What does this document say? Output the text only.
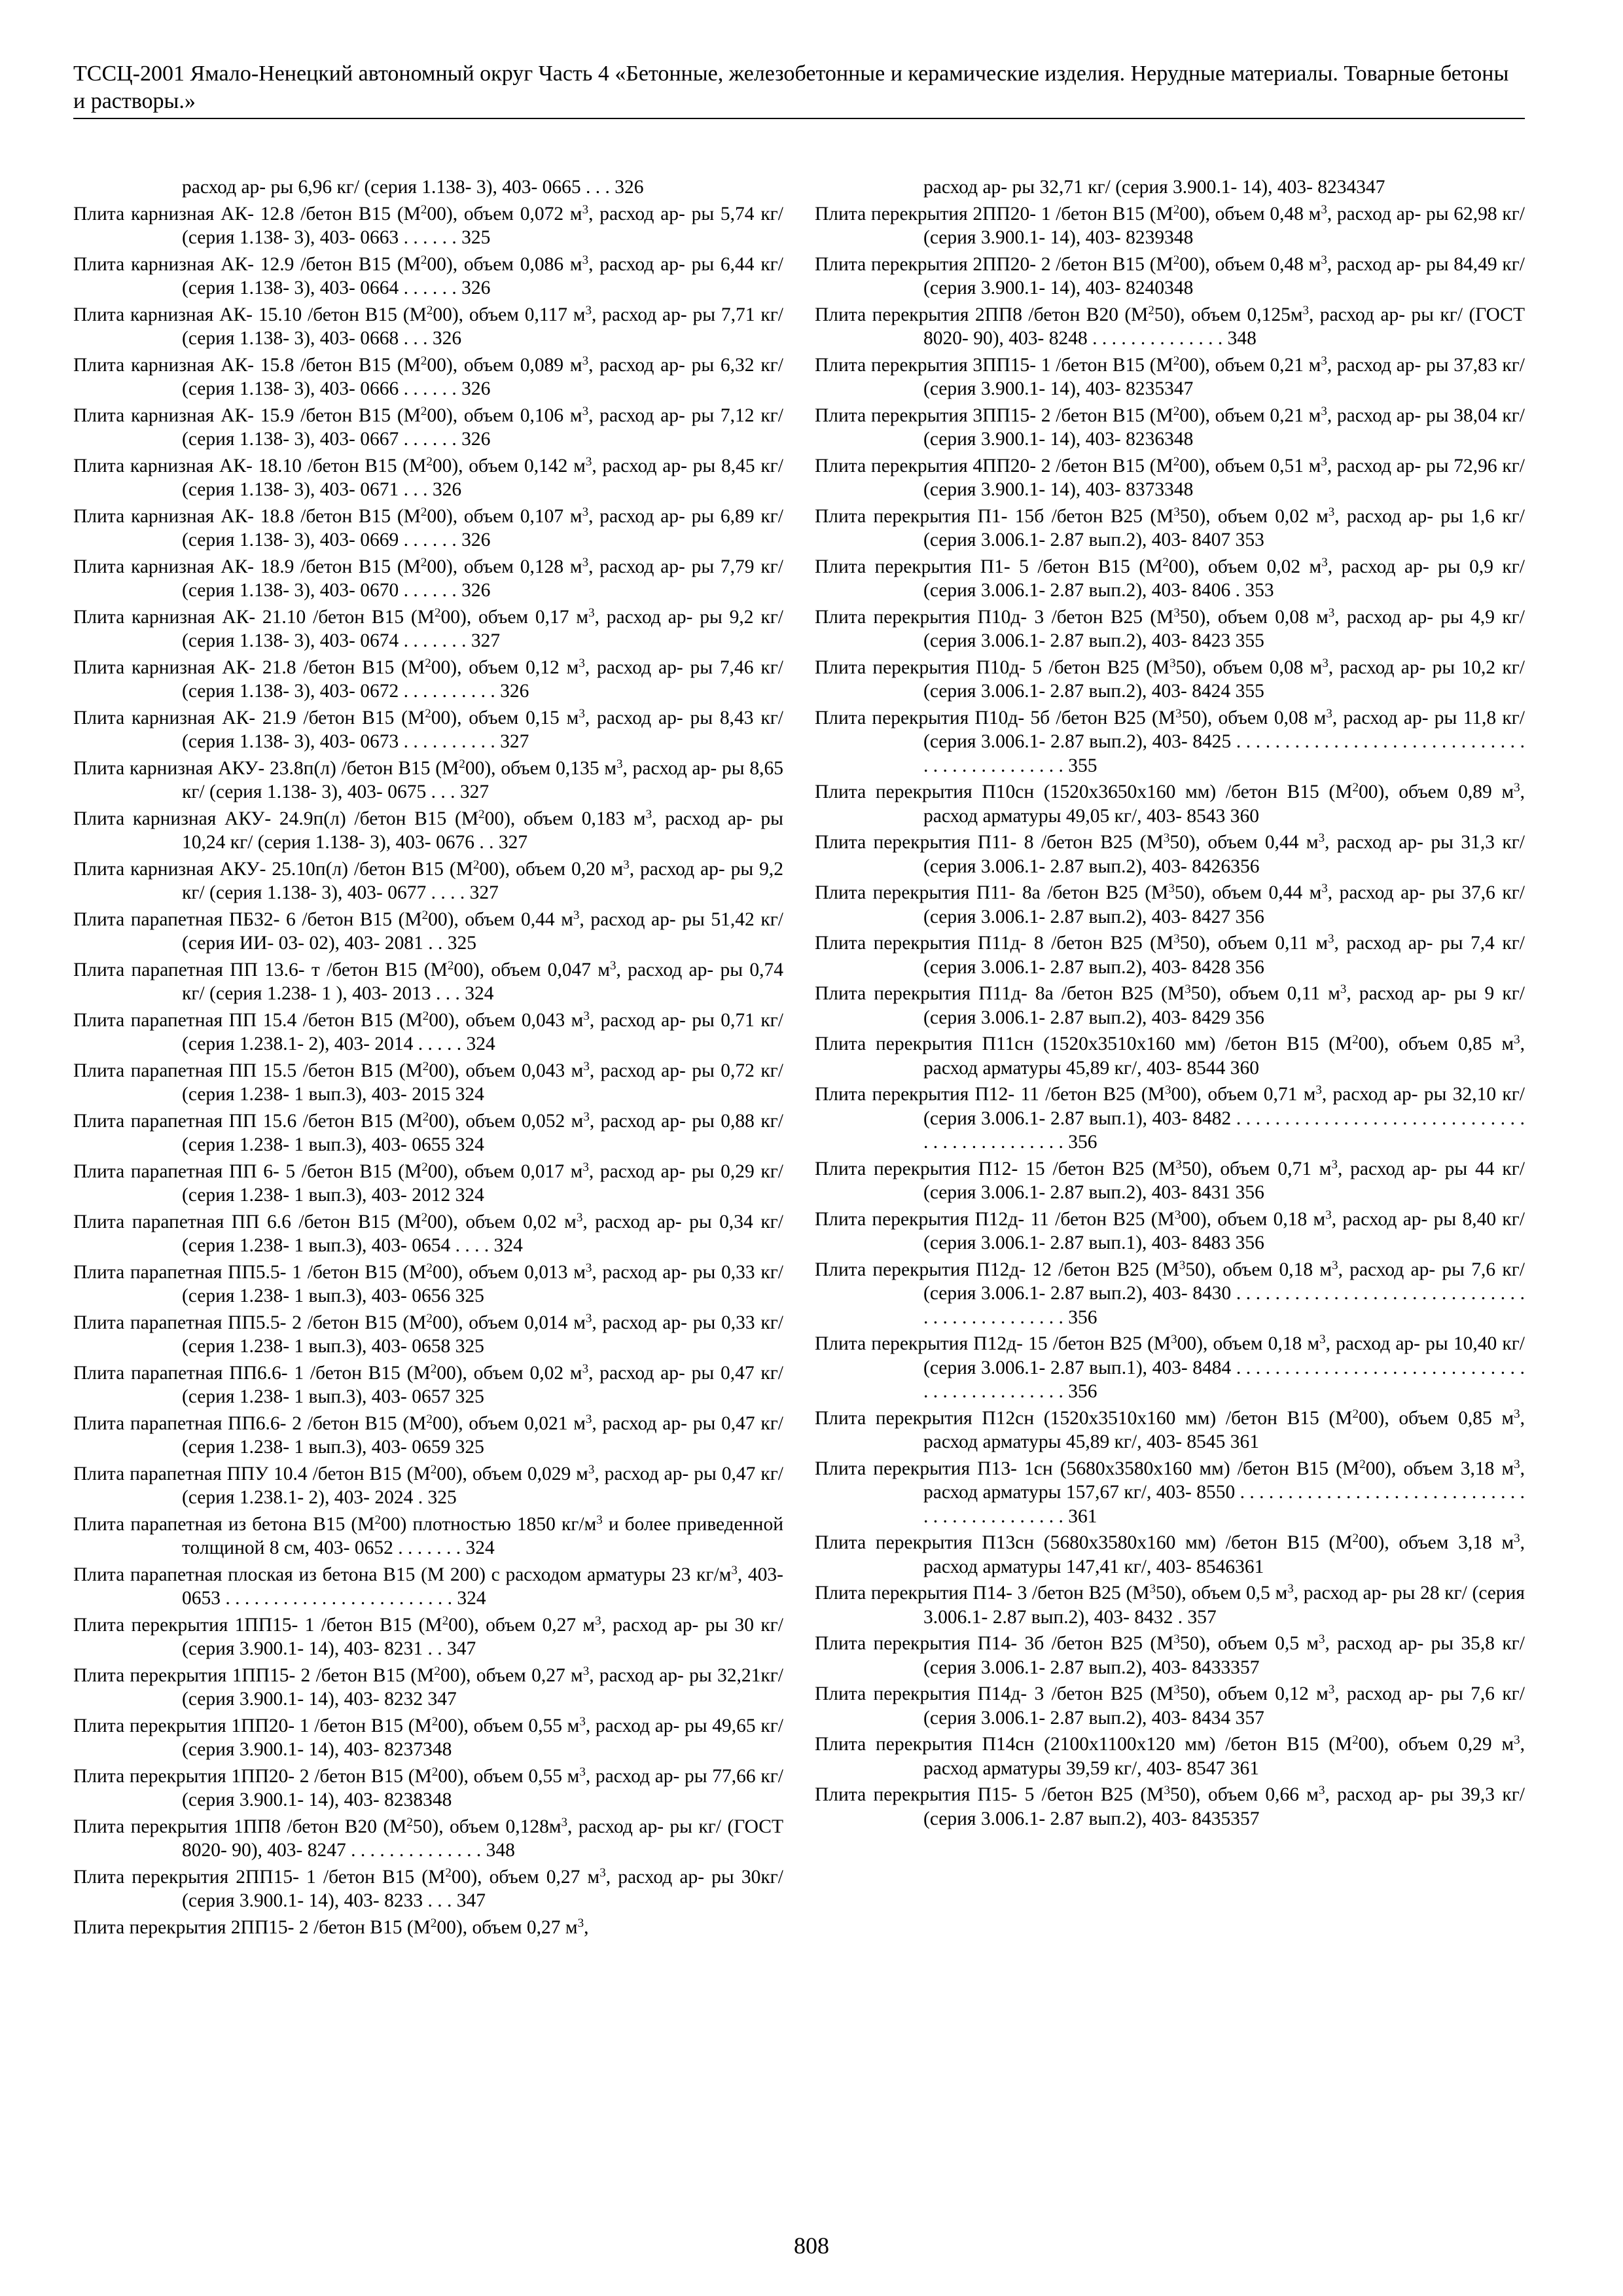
ТССЦ-2001 Ямало-Ненецкий автономный округ Часть 4 «Бетонные, железобетонные и керамические изделия. Нерудные материалы. Товарные бетоны и растворы.»
расход ар- ры 6,96 кг/ (серия 1.138- 3), 403- 0665 . . . 326
Плита карнизная АК- 12.8 /бетон В15 $(М^200)$, объем 0,072 $м^3$, расход ар- ры 5,74 кг/ (серия 1.138- 3), 403- 0663 . . . . . . 325
Плита карнизная АК- 12.9 /бетон В15 $(М^200)$, объем 0,086 $м^3$, расход ар- ры 6,44 кг/ (серия 1.138- 3), 403- 0664 . . . . . . 326
Плита карнизная АК- 15.10 /бетон В15 $(М^200)$, объем 0,117 $м^3$, расход ар- ры 7,71 кг/ (серия 1.138- 3), 403- 0668 . . . 326
Плита карнизная АК- 15.8 /бетон В15 $(М^200)$, объем 0,089 $м^3$, расход ар- ры 6,32 кг/ (серия 1.138- 3), 403- 0666 . . . . . . 326
Плита карнизная АК- 15.9 /бетон В15 $(М^200)$, объем 0,106 $м^3$, расход ар- ры 7,12 кг/ (серия 1.138- 3), 403- 0667 . . . . . . 326
Плита карнизная АК- 18.10 /бетон В15 $(М^200)$, объем 0,142 $м^3$, расход ар- ры 8,45 кг/ (серия 1.138- 3), 403- 0671 . . . 326
Плита карнизная АК- 18.8 /бетон В15 $(М^200)$, объем 0,107 $м^3$, расход ар- ры 6,89 кг/ (серия 1.138- 3), 403- 0669 . . . . . . 326
Плита карнизная АК- 18.9 /бетон В15 $(М^200)$, объем 0,128 $м^3$, расход ар- ры 7,79 кг/ (серия 1.138- 3), 403- 0670 . . . . . . 326
Плита карнизная АК- 21.10 /бетон В15 $(М^200)$, объем 0,17 $м^3$, расход ар- ры 9,2 кг/ (серия 1.138- 3), 403- 0674 . . . . . . . 327
Плита карнизная АК- 21.8 /бетон В15 $(М^200)$, объем 0,12 $м^3$, расход ар- ры 7,46 кг/ (серия 1.138- 3), 403- 0672 . . . . . . . . . . 326
Плита карнизная АК- 21.9 /бетон В15 $(М^200)$, объем 0,15 $м^3$, расход ар- ры 8,43 кг/ (серия 1.138- 3), 403- 0673 . . . . . . . . . . 327
Плита карнизная АКУ- 23.8п(л) /бетон В15 $(М^200)$, объем 0,135 $м^3$, расход ар- ры 8,65 кг/ (серия 1.138- 3), 403- 0675 . . . 327
Плита карнизная АКУ- 24.9п(л) /бетон В15 $(М^200)$, объем 0,183 $м^3$, расход ар- ры 10,24 кг/ (серия 1.138- 3), 403- 0676 . . 327
Плита карнизная АКУ- 25.10п(л) /бетон В15 $(М^200)$, объем 0,20 $м^3$, расход ар- ры 9,2 кг/ (серия 1.138- 3), 403- 0677 . . . . 327
Плита парапетная ПБ32- 6 /бетон В15 $(М^200)$, объем 0,44 $м^3$, расход ар- ры 51,42 кг/ (серия ИИ- 03- 02), 403- 2081 . . 325
Плита парапетная ПП 13.6- т /бетон В15 $(М^200)$, объем 0,047 $м^3$, расход ар- ры 0,74 кг/ (серия 1.238- 1 ), 403- 2013 . . . 324
Плита парапетная ПП 15.4 /бетон В15 $(М^200)$, объем 0,043 $м^3$, расход ар- ры 0,71 кг/ (серия 1.238.1- 2), 403- 2014 . . . . . 324
Плита парапетная ПП 15.5 /бетон В15 $(М^200)$, объем 0,043 $м^3$, расход ар- ры 0,72 кг/ (серия 1.238- 1 вып.3), 403- 2015 324
Плита парапетная ПП 15.6 /бетон В15 $(М^200)$, объем 0,052 $м^3$, расход ар- ры 0,88 кг/ (серия 1.238- 1 вып.3), 403- 0655 324
Плита парапетная ПП 6- 5 /бетон В15 $(М^200)$, объем 0,017 $м^3$, расход ар- ры 0,29 кг/ (серия 1.238- 1 вып.3), 403- 2012 324
Плита парапетная ПП 6.6 /бетон В15 $(М^200)$, объем 0,02 $м^3$, расход ар- ры 0,34 кг/ (серия 1.238- 1 вып.3), 403- 0654 . . . . 324
Плита парапетная ПП5.5- 1 /бетон В15 $(М^200)$, объем 0,013 $м^3$, расход ар- ры 0,33 кг/ (серия 1.238- 1 вып.3), 403- 0656 325
Плита парапетная ПП5.5- 2 /бетон В15 $(М^200)$, объем 0,014 $м^3$, расход ар- ры 0,33 кг/ (серия 1.238- 1 вып.3), 403- 0658 325
Плита парапетная ПП6.6- 1 /бетон В15 $(М^200)$, объем 0,02 $м^3$, расход ар- ры 0,47 кг/ (серия 1.238- 1 вып.3), 403- 0657 325
Плита парапетная ПП6.6- 2 /бетон В15 $(М^200)$, объем 0,021 $м^3$, расход ар- ры 0,47 кг/ (серия 1.238- 1 вып.3), 403- 0659 325
Плита парапетная ППУ 10.4 /бетон В15 $(М^200)$, объем 0,029 $м^3$, расход ар- ры 0,47 кг/ (серия 1.238.1- 2), 403- 2024 . 325
Плита парапетная из бетона В15 $(М^200)$ плотностью 1850 $кг/м^3$ и более приведенной толщиной 8 см, 403- 0652 . . . . . . . 324
Плита парапетная плоская из бетона В15 (М 200) с расходом арматуры 23 $кг/м^3$, 403- 0653 . . . . . . . . . . . . . . . . . . . . . . . . 324
Плита перекрытия 1ПП15- 1 /бетон В15 $(М^200)$, объем 0,27 $м^3$, расход ар- ры 30 кг/ (серия 3.900.1- 14), 403- 8231 . . 347
Плита перекрытия 1ПП15- 2 /бетон В15 $(М^200)$, объем 0,27 $м^3$, расход ар- ры 32,21кг/ (серия 3.900.1- 14), 403- 8232 347
Плита перекрытия 1ПП20- 1 /бетон В15 $(М^200)$, объем 0,55 $м^3$, расход ар- ры 49,65 кг/ (серия 3.900.1- 14), 403- 8237348
Плита перекрытия 1ПП20- 2 /бетон В15 $(М^200)$, объем 0,55 $м^3$, расход ар- ры 77,66 кг/ (серия 3.900.1- 14), 403- 8238348
Плита перекрытия 1ПП8 /бетон В20 $(М^250)$, объем $0,128м^3$, расход ар- ры кг/ (ГОСТ 8020- 90), 403- 8247 . . . . . . . . . . . . . . 348
Плита перекрытия 2ПП15- 1 /бетон В15 $(М^200)$, объем 0,27 $м^3$, расход ар- ры 30кг/ (серия 3.900.1- 14), 403- 8233 . . . 347
Плита перекрытия 2ПП15- 2 /бетон В15 $(М^200)$, объем 0,27 $м^3$,
расход ар- ры 32,71 кг/ (серия 3.900.1- 14), 403- 8234347
Плита перекрытия 2ПП20- 1 /бетон В15 $(М^200)$, объем 0,48 $м^3$, расход ар- ры 62,98 кг/ (серия 3.900.1- 14), 403- 8239348
Плита перекрытия 2ПП20- 2 /бетон В15 $(М^200)$, объем 0,48 $м^3$, расход ар- ры 84,49 кг/ (серия 3.900.1- 14), 403- 8240348
Плита перекрытия 2ПП8 /бетон В20 $(М^250)$, объем $0,125м^3$, расход ар- ры кг/ (ГОСТ 8020- 90), 403- 8248 . . . . . . . . . . . . . . 348
Плита перекрытия 3ПП15- 1 /бетон В15 $(М^200)$, объем 0,21 $м^3$, расход ар- ры 37,83 кг/ (серия 3.900.1- 14), 403- 8235347
Плита перекрытия 3ПП15- 2 /бетон В15 $(М^200)$, объем 0,21 $м^3$, расход ар- ры 38,04 кг/ (серия 3.900.1- 14), 403- 8236348
Плита перекрытия 4ПП20- 2 /бетон В15 $(М^200)$, объем 0,51 $м^3$, расход ар- ры 72,96 кг/ (серия 3.900.1- 14), 403- 8373348
Плита перекрытия П1- 15б /бетон В25 $(М^350)$, объем 0,02 $м^3$, расход ар- ры 1,6 кг/ (серия 3.006.1- 2.87 вып.2), 403- 8407 353
Плита перекрытия П1- 5 /бетон В15 $(М^200)$, объем 0,02 $м^3$, расход ар- ры 0,9 кг/ (серия 3.006.1- 2.87 вып.2), 403- 8406 . 353
Плита перекрытия П10д- 3 /бетон В25 $(М^350)$, объем 0,08 $м^3$, расход ар- ры 4,9 кг/ (серия 3.006.1- 2.87 вып.2), 403- 8423 355
Плита перекрытия П10д- 5 /бетон В25 $(М^350)$, объем 0,08 $м^3$, расход ар- ры 10,2 кг/ (серия 3.006.1- 2.87 вып.2), 403- 8424 355
Плита перекрытия П10д- 5б /бетон В25 $(М^350)$, объем 0,08 $м^3$, расход ар- ры 11,8 кг/ (серия 3.006.1- 2.87 вып.2), 403- 8425 . . . . . . . . . . . . . . . . . . . . . . . . . . . . . . . . . . . . . . . . . . . . . 355
Плита перекрытия П10сн (1520х3650х160 мм) /бетон В15 $(М^200)$, объем 0,89 $м^3$, расход арматуры 49,05 кг/, 403- 8543 360
Плита перекрытия П11- 8 /бетон В25 $(М^350)$, объем 0,44 $м^3$, расход ар- ры 31,3 кг/ (серия 3.006.1- 2.87 вып.2), 403- 8426356
Плита перекрытия П11- 8а /бетон В25 $(М^350)$, объем 0,44 $м^3$, расход ар- ры 37,6 кг/ (серия 3.006.1- 2.87 вып.2), 403- 8427 356
Плита перекрытия П11д- 8 /бетон В25 $(М^350)$, объем 0,11 $м^3$, расход ар- ры 7,4 кг/ (серия 3.006.1- 2.87 вып.2), 403- 8428 356
Плита перекрытия П11д- 8а /бетон В25 $(М^350)$, объем 0,11 $м^3$, расход ар- ры 9 кг/ (серия 3.006.1- 2.87 вып.2), 403- 8429 356
Плита перекрытия П11сн (1520х3510х160 мм) /бетон В15 $(М^200)$, объем 0,85 $м^3$, расход арматуры 45,89 кг/, 403- 8544 360
Плита перекрытия П12- 11 /бетон В25 $(М^300)$, объем 0,71 $м^3$, расход ар- ры 32,10 кг/ (серия 3.006.1- 2.87 вып.1), 403- 8482 . . . . . . . . . . . . . . . . . . . . . . . . . . . . . . . . . . . . . . . . . . . . . 356
Плита перекрытия П12- 15 /бетон В25 $(М^350)$, объем 0,71 $м^3$, расход ар- ры 44 кг/ (серия 3.006.1- 2.87 вып.2), 403- 8431 356
Плита перекрытия П12д- 11 /бетон В25 $(М^300)$, объем 0,18 $м^3$, расход ар- ры 8,40 кг/ (серия 3.006.1- 2.87 вып.1), 403- 8483 356
Плита перекрытия П12д- 12 /бетон В25 $(М^350)$, объем 0,18 $м^3$, расход ар- ры 7,6 кг/ (серия 3.006.1- 2.87 вып.2), 403- 8430 . . . . . . . . . . . . . . . . . . . . . . . . . . . . . . . . . . . . . . . . . . . . . 356
Плита перекрытия П12д- 15 /бетон В25 $(М^300)$, объем 0,18 $м^3$, расход ар- ры 10,40 кг/ (серия 3.006.1- 2.87 вып.1), 403- 8484 . . . . . . . . . . . . . . . . . . . . . . . . . . . . . . . . . . . . . . . . . . . . . 356
Плита перекрытия П12сн (1520х3510х160 мм) /бетон В15 $(М^200)$, объем 0,85 $м^3$, расход арматуры 45,89 кг/, 403- 8545 361
Плита перекрытия П13- 1сн (5680х3580х160 мм) /бетон В15 $(М^200)$, объем 3,18 $м^3$, расход арматуры 157,67 кг/, 403- 8550 . . . . . . . . . . . . . . . . . . . . . . . . . . . . . . . . . . . . . . . . . . . . . 361
Плита перекрытия П13сн (5680х3580х160 мм) /бетон В15 $(М^200)$, объем 3,18 $м^3$, расход арматуры 147,41 кг/, 403- 8546361
Плита перекрытия П14- 3 /бетон В25 $(М^350)$, объем 0,5 $м^3$, расход ар- ры 28 кг/ (серия 3.006.1- 2.87 вып.2), 403- 8432 . 357
Плита перекрытия П14- 3б /бетон В25 $(М^350)$, объем 0,5 $м^3$, расход ар- ры 35,8 кг/ (серия 3.006.1- 2.87 вып.2), 403- 8433357
Плита перекрытия П14д- 3 /бетон В25 $(М^350)$, объем 0,12 $м^3$, расход ар- ры 7,6 кг/ (серия 3.006.1- 2.87 вып.2), 403- 8434 357
Плита перекрытия П14сн (2100х1100х120 мм) /бетон В15 $(М^200)$, объем 0,29 $м^3$, расход арматуры 39,59 кг/, 403- 8547 361
Плита перекрытия П15- 5 /бетон В25 $(М^350)$, объем 0,66 $м^3$, расход ар- ры 39,3 кг/ (серия 3.006.1- 2.87 вып.2), 403- 8435357
808
